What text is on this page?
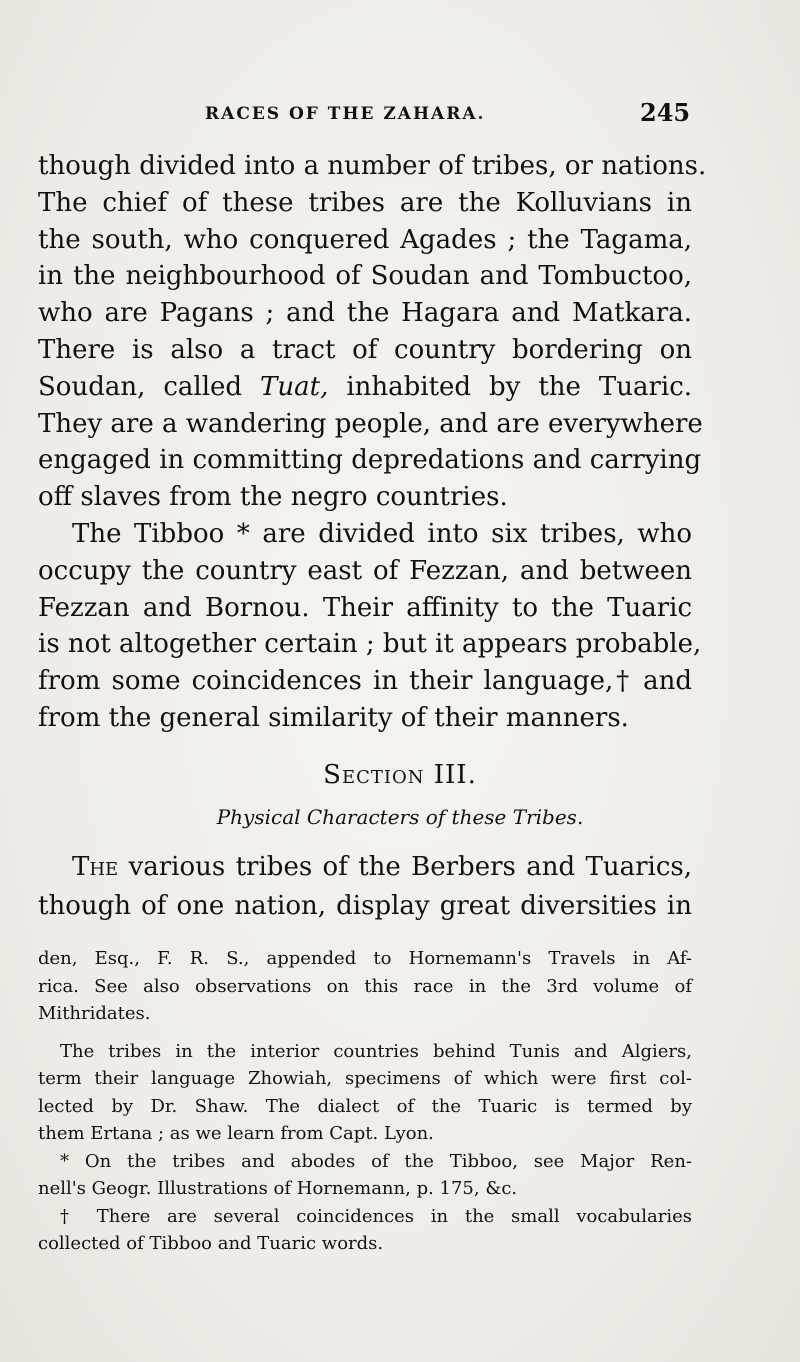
RACES OF THE ZAHARA.	245
though divided into a number of tribes, or nations.
The chief of these tribes are the Kolluvians in
the south, who conquered Agades ; the Tagama,
in the neighbourhood of Soudan and Tombuctoo,
who are Pagans ; and the Hagara and Matkara.
There is also a tract of country bordering on
Soudan, called Tuat, inhabited by the Tuaric.
They are a wandering people, and are everywhere
engaged in committing depredations and carrying
off slaves from the negro countries.
The Tibboo * are divided into six tribes, who
occupy the country east of Fezzan, and between
Fezzan and Bornou. Their affinity to the Tuaric
is not altogether certain ; but it appears probable,
from some coincidences in their language,† and
from the general similarity of their manners.
Section III.
Physical Characters of these Tribes.
The various tribes of the Berbers and Tuarics,
though of one nation, display great diversities in
den, Esq., F. R. S., appended to Hornemann's Travels in Af-
rica. See also observations on this race in the 3rd volume of
Mithridates.
The tribes in the interior countries behind Tunis and Algiers,
term their language Zhowiah, specimens of which were first col-
lected by Dr. Shaw. The dialect of the Tuaric is termed by
them Ertana ; as we learn from Capt. Lyon.
* On the tribes and abodes of the Tibboo, see Major Ren-
nell's Geogr. Illustrations of Hornemann, p. 175, &c.
† There are several coincidences in the small vocabularies
collected of Tibboo and Tuaric words.
